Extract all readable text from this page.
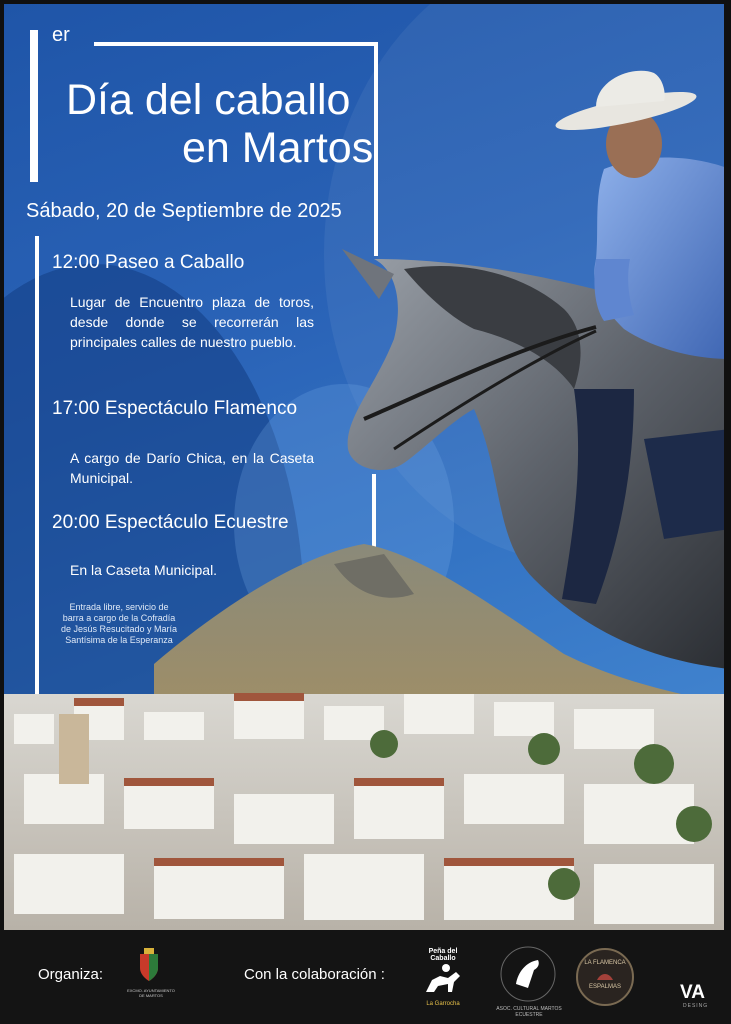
er
Día del caballo
en Martos
Sábado, 20 de Septiembre de 2025
12:00 Paseo a Caballo
Lugar de Encuentro plaza de toros, desde donde se recorrerán las principales calles de nuestro pueblo.
17:00 Espectáculo Flamenco
A cargo de Darío Chica, en la Caseta Municipal.
20:00 Espectáculo Ecuestre
En la Caseta Municipal.
Entrada libre, servicio de barra a cargo de la Cofradía de Jesús Resucitado y María Santísima de la Esperanza
Organiza:
EXCMO. AYUNTAMIENTO DE MARTOS
Con la colaboración :
Peña del Caballo
La Garrocha
ASOC. CULTURAL MARTOS ECUESTRE
LA FLAMENCA
ESPALMAS	VA
DESING
